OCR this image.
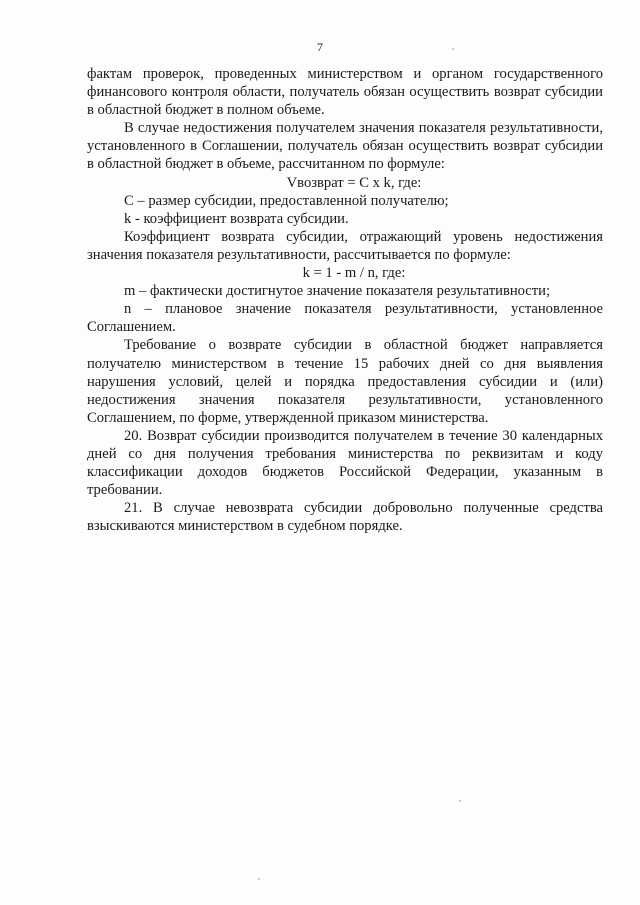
7

фактам проверок, проведенных министерством и органом государственного финансового контроля области, получатель обязан осуществить возврат субсидии в областной бюджет в полном объеме.

В случае недостижения получателем значения показателя результативности, установленного в Соглашении, получатель обязан осуществить возврат субсидии в областной бюджет в объеме, рассчитанном по формуле:

Vвозврат = С х k, где:

С – размер субсидии, предоставленной получателю;

k - коэффициент возврата субсидии.

Коэффициент возврата субсидии, отражающий уровень недостижения значения показателя результативности, рассчитывается по формуле:

k = 1 - m / n, где:

m – фактически достигнутое значение показателя результативности;

n – плановое значение показателя результативности, установленное Соглашением.

Требование о возврате субсидии в областной бюджет направляется получателю министерством в течение 15 рабочих дней со дня выявления нарушения условий, целей и порядка предоставления субсидии и (или) недостижения значения показателя результативности, установленного Соглашением, по форме, утвержденной приказом министерства.

20. Возврат субсидии производится получателем в течение 30 календарных дней со дня получения требования министерства по реквизитам и коду классификации доходов бюджетов Российской Федерации, указанным в требовании.

21. В случае невозврата субсидии добровольно полученные средства взыскиваются министерством в судебном порядке.
